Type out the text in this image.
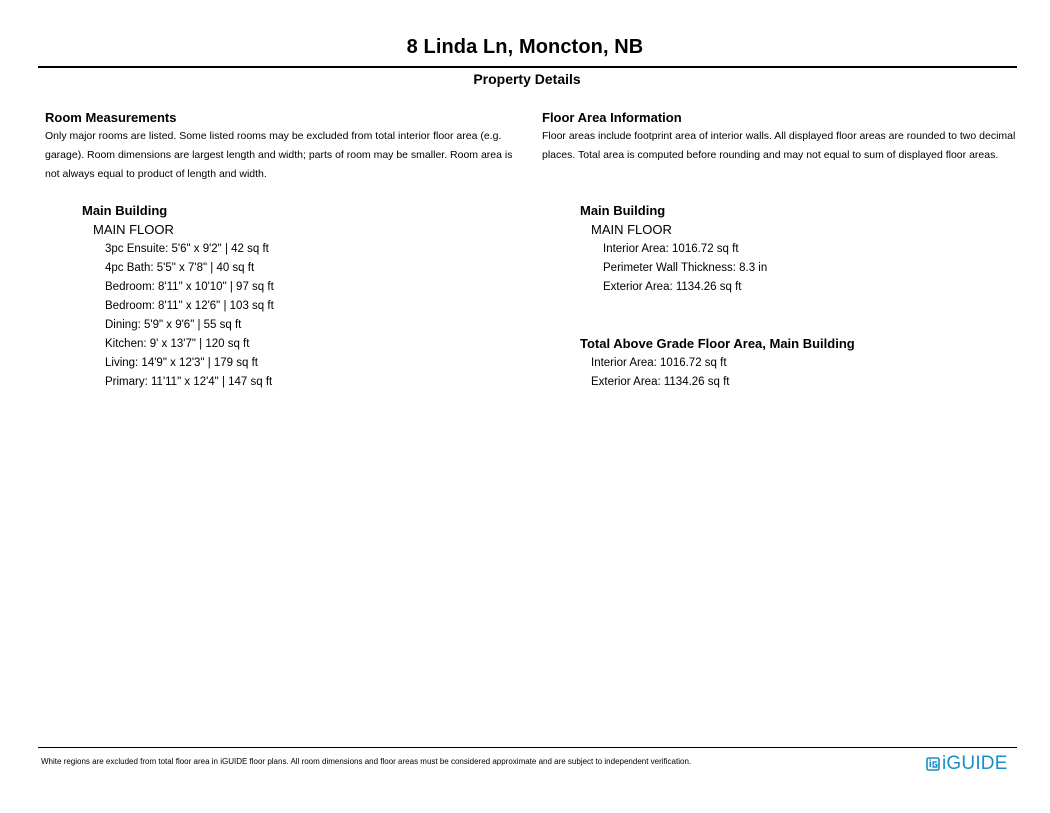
8 Linda Ln, Moncton, NB
Property Details
Room Measurements
Only major rooms are listed. Some listed rooms may be excluded from total interior floor area (e.g. garage). Room dimensions are largest length and width; parts of room may be smaller. Room area is not always equal to product of length and width.
Main Building
MAIN FLOOR
3pc Ensuite: 5'6" x 9'2" | 42 sq ft
4pc Bath: 5'5" x 7'8" | 40 sq ft
Bedroom: 8'11" x 10'10" | 97 sq ft
Bedroom: 8'11" x 12'6" | 103 sq ft
Dining: 5'9" x 9'6" | 55 sq ft
Kitchen: 9' x 13'7" | 120 sq ft
Living: 14'9" x 12'3" | 179 sq ft
Primary: 11'11" x 12'4" | 147 sq ft
Floor Area Information
Floor areas include footprint area of interior walls. All displayed floor areas are rounded to two decimal places. Total area is computed before rounding and may not equal to sum of displayed floor areas.
Main Building
MAIN FLOOR
Interior Area: 1016.72 sq ft
Perimeter Wall Thickness: 8.3 in
Exterior Area: 1134.26 sq ft
Total Above Grade Floor Area, Main Building
Interior Area: 1016.72 sq ft
Exterior Area: 1134.26 sq ft
White regions are excluded from total floor area in iGUIDE floor plans. All room dimensions and floor areas must be considered approximate and are subject to independent verification.	iGUIDE
